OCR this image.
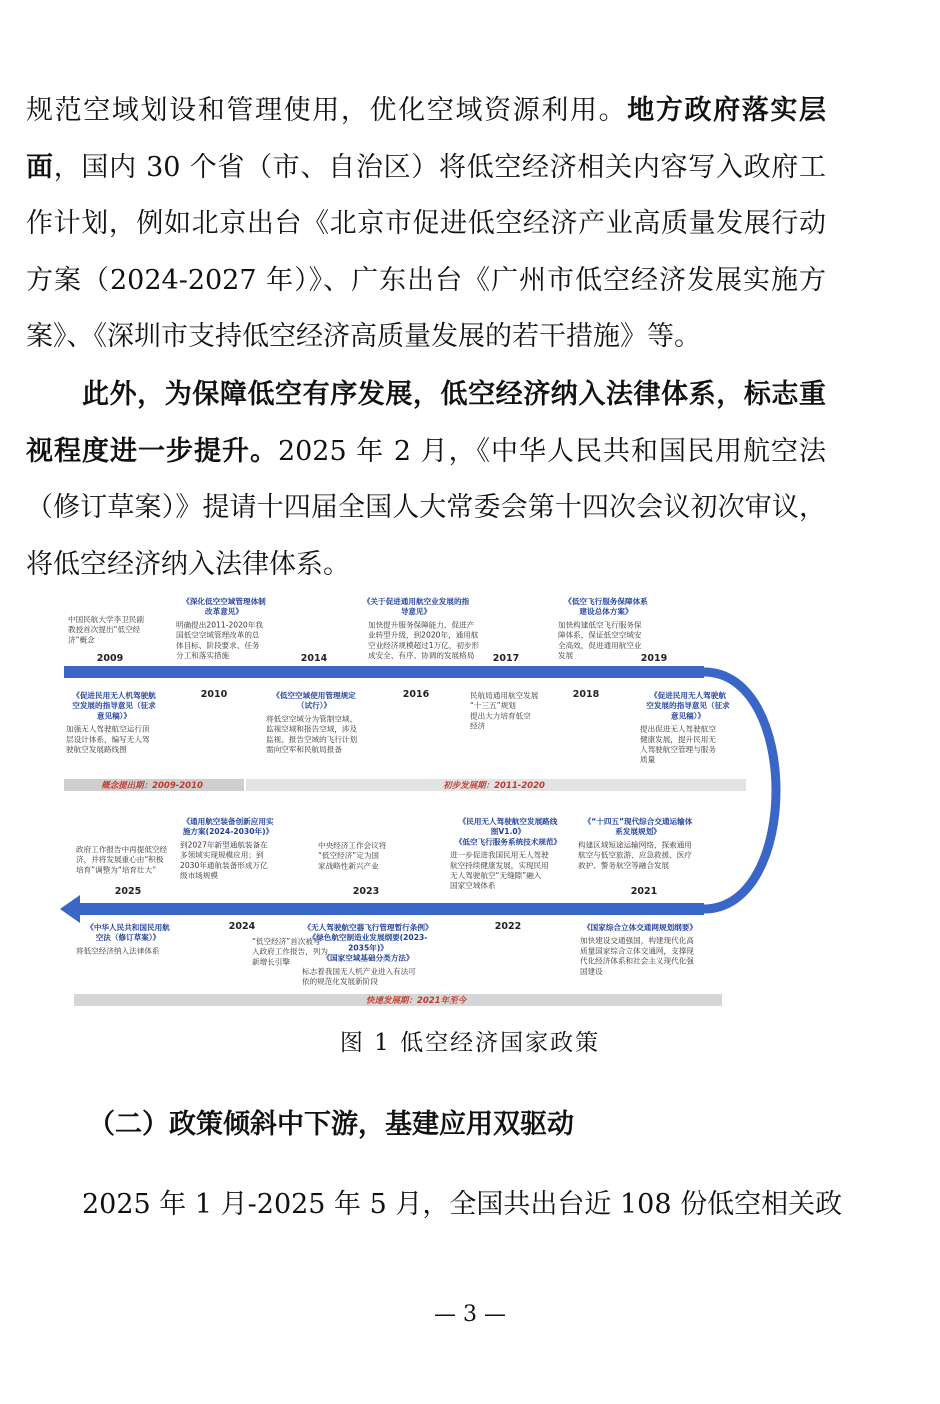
规范空域划设和管理使用，优化空域资源利用。地方政府落实层面，国内 30 个省（市、自治区）将低空经济相关内容写入政府工作计划，例如北京出台《北京市促进低空经济产业高质量发展行动方案（2024-2027 年）》、广东出台《广州市低空经济发展实施方案》、《深圳市支持低空经济高质量发展的若干措施》等。

此外，为保障低空有序发展，低空经济纳入法律体系，标志重视程度进一步提升。2025 年 2 月，《中华人民共和国民用航空法（修订草案）》提请十四届全国人大常委会第十四次会议初次审议，将低空经济纳入法律体系。

2009	2014	2017	2019
2010	2016	2018
2025	2023	2021
2024	2022
中国民航大学李卫民副
教授首次提出“低空经
济”概念
《深化低空空域管理体制
改革意见》
明确提出2011-2020年我
国低空空域管理改革的总
体目标、阶段要求、任务
分工和落实措施
《关于促进通用航空业发展的指
导意见》
加快提升服务保障能力，促进产
业转型升级，到2020年，通用航
空业经济规模超过1万亿，初步形
成安全、有序、协调的发展格局
《低空飞行服务保障体系
建设总体方案》
加快构建低空飞行服务保
障体系，保证低空空域安
全高效，促进通用航空业
发展
《促进民用无人机驾驶航
空发展的指导意见（征求
意见稿）》
加强无人驾驶航空运行顶
层设计体系，编写无人驾
驶航空发展路线图
《低空空域使用管理规定
（试行）》
将低空空域分为管制空域、
监视空域和报告空域，涉及
监视、报告空域的飞行计划
需向空军和民航局报备
民航局通用航空发展
“十三五”规划
提出大力培育低空
经济
《促进民用无人驾驶航
空发展的指导意见（征求
意见稿）》
提出促进无人驾驶航空
健康发展，提升民用无
人驾驶航空管理与服务
质量
《通用航空装备创新应用实
施方案(2024-2030年)》
到2027年新型通航装备在
多领域实现规模应用；到
2030年通航装备形成万亿
级市场规模
政府工作报告中再提低空经
济，并将发展重心由“积极
培育”调整为“培育壮大”
中央经济工作会议将
“低空经济”定为国
家战略性新兴产业
《民用无人驾驶航空发展路线
图V1.0》
《低空飞行服务系统技术规范》
进一步促进我国民用无人驾驶
航空持续健康发展，实现民用
无人驾驶航空“无缝隙”融入
国家空域体系
《“十四五”现代综合交通运输体
系发展规划》
构建区域短途运输网络，探索通用
航空与低空旅游、应急救援、医疗
救护、警务航空等融合发展
《中华人民共和国民用航
空法（修订草案）》
将低空经济纳入法律体系
“低空经济”首次被写
入政府工作报告，列为
新增长引擎
《无人驾驶航空器飞行管理暂行条例》
《绿色航空制造业发展纲要(2023-
2035年)》
《国家空域基础分类方法》
标志着我国无人机产业进入有法可
依的规范化发展新阶段
《国家综合立体交通网规划纲要》
加快建设交通强国，构建现代化高
质量国家综合立体交通网，支撑现
代化经济体系和社会主义现代化强
国建设
概念提出期：2009-2010	初步发展期：2011-2020
快速发展期：2021年至今

图 1 低空经济国家政策

（二）政策倾斜中下游，基建应用双驱动

2025 年 1 月-2025 年 5 月，全国共出台近 108 份低空相关政

— 3 —
